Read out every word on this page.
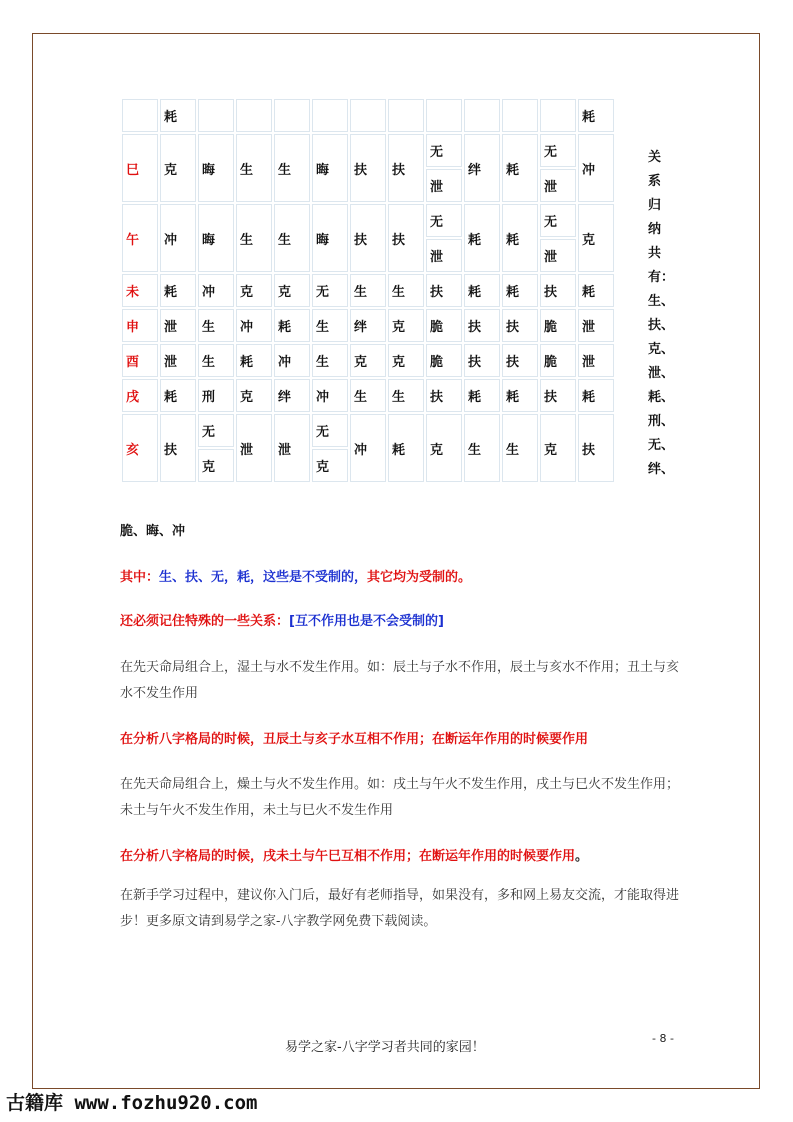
	耗											耗
巳	克	晦	生	生	晦	扶	扶	无	绊	耗	无	冲
								泄			泄	
午	冲	晦	生	生	晦	扶	扶	无	耗	耗	无	克
								泄			泄	
未	耗	冲	克	克	无	生	生	扶	耗	耗	扶	耗
申	泄	生	冲	耗	生	绊	克	脆	扶	扶	脆	泄
酉	泄	生	耗	冲	生	克	克	脆	扶	扶	脆	泄
戌	耗	刑	克	绊	冲	生	生	扶	耗	耗	扶	耗
亥	扶	无	泄	泄	无	冲	耗	克	生	生	克	扶
		克			克							
关
系
归
纳
共
有：
生、
扶、
克、
泄、
耗、
刑、
无、
绊、
脆、晦、冲
其中：生、扶、无，耗，这些是不受制的，其它均为受制的。
还必须记住特殊的一些关系：[互不作用也是不会受制的]
在先天命局组合上，湿土与水不发生作用。如：辰土与子水不作用，辰土与亥水不作用；丑土与亥水不发生作用
在分析八字格局的时候，丑辰土与亥子水互相不作用；在断运年作用的时候要作用
在先天命局组合上，燥土与火不发生作用。如：戌土与午火不发生作用，戌土与巳火不发生作用；未土与午火不发生作用，未土与巳火不发生作用
在分析八字格局的时候，戌未土与午巳互相不作用；在断运年作用的时候要作用。
在新手学习过程中，建议你入门后，最好有老师指导，如果没有，多和网上易友交流，才能取得进步！更多原文请到易学之家-八字教学网免费下载阅读。
易学之家-八字学习者共同的家园！
- 8 -
古籍库 www.fozhu920.com
